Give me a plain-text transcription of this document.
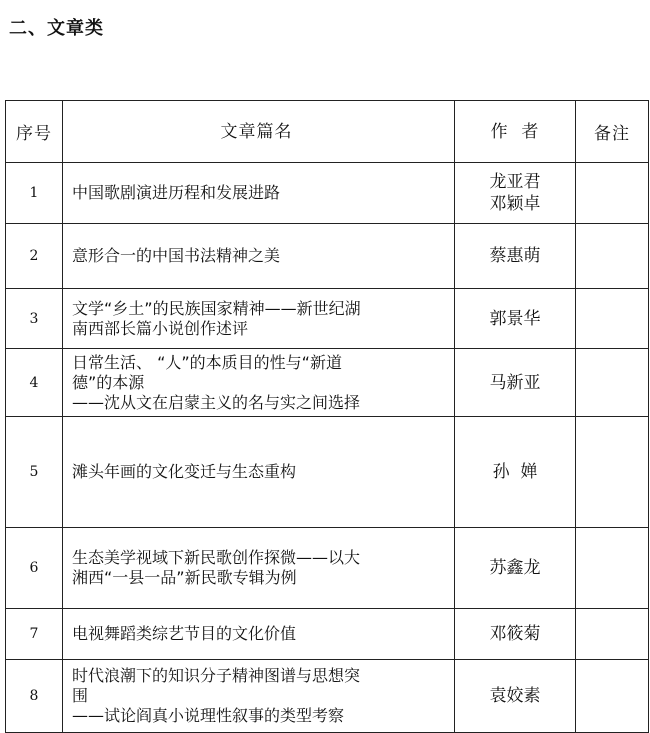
二、文章类
序号	文章篇名	作  者	备注
1	中国歌剧演进历程和发展进路	龙亚君
邓颖卓	

2	意形合一的中国书法精神之美	蔡惠萌	

3	文学“乡土”的民族国家精神——新世纪湖
南西部长篇小说创作述评	郭景华	

4	日常生活、 “人”的本质目的性与“新道
德”的本源
——沈从文在启蒙主义的名与实之间选择	马新亚	

5	滩头年画的文化变迁与生态重构	孙  婵	

6	生态美学视域下新民歌创作探微——以大
湘西“一县一品”新民歌专辑为例	苏鑫龙	

7	电视舞蹈类综艺节目的文化价值	邓筱菊	

8	时代浪潮下的知识分子精神图谱与思想突
围
——试论阎真小说理性叙事的类型考察	袁姣素	
